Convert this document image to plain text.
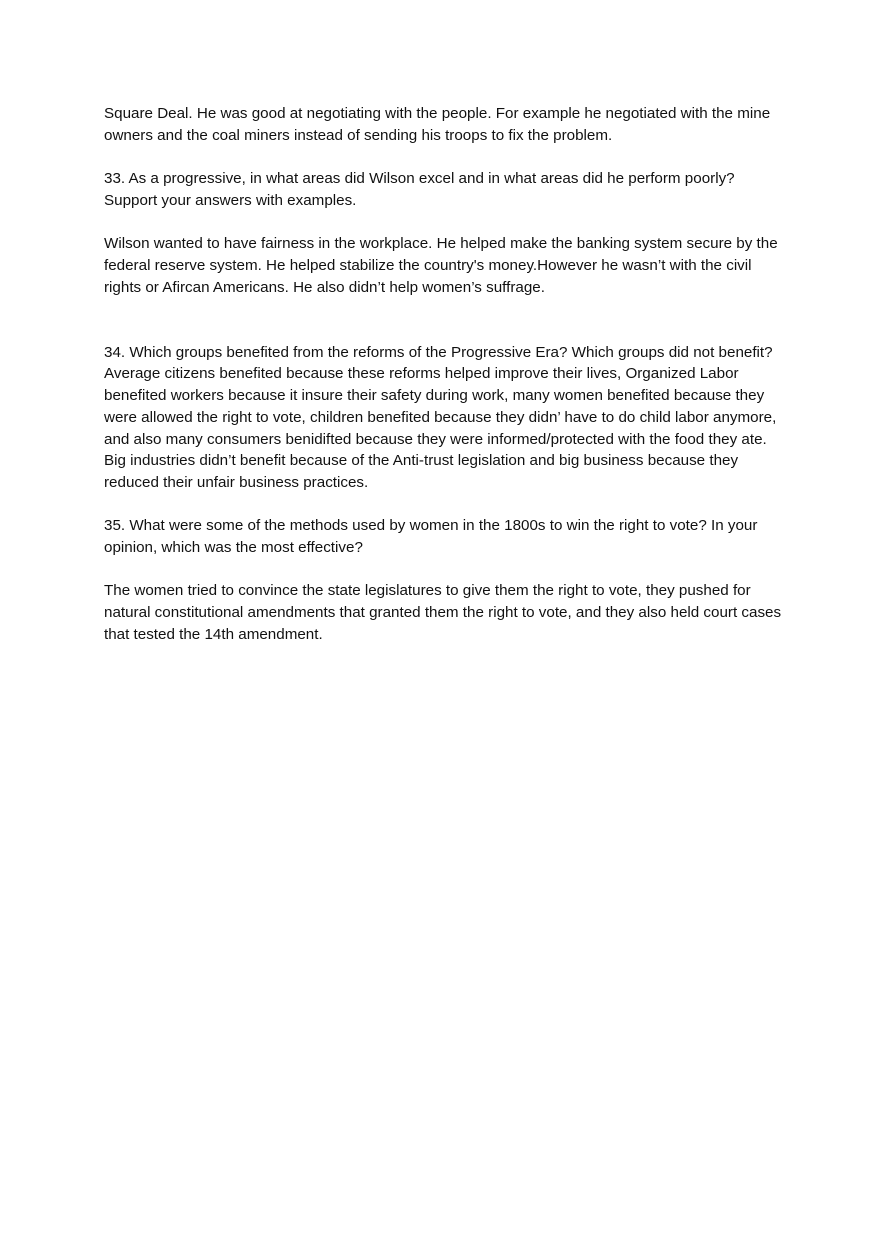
Square Deal. He was good at negotiating with the people. For example he negotiated with the mine owners and the coal miners instead of sending his troops to fix the problem.

33. As a progressive, in what areas did Wilson excel and in what areas did he perform poorly? Support your answers with examples.

Wilson wanted to have fairness in the workplace. He helped make the banking system secure by the federal reserve system. He helped stabilize the country's money.However he wasn’t with the civil rights or Afircan Americans. He also didn’t help women’s suffrage.

34. Which groups benefited from the reforms of the Progressive Era? Which groups did not benefit?

Average citizens benefited because these reforms helped improve their lives, Organized Labor benefited workers because it insure their safety during work, many women benefited because they were allowed the right to vote, children benefited because they didn’ have to do child labor anymore, and also many consumers benidifted because they were informed/protected with the food they ate. Big industries didn’t benefit because of the Anti-trust legislation and big business because they reduced their unfair business practices.

35. What were some of the methods used by women in the 1800s to win the right to vote? In your opinion, which was the most effective?

The women tried to convince the state legislatures to give them the right to vote, they pushed for natural constitutional amendments that granted them the right to vote, and they also held court cases that tested the 14th amendment.
